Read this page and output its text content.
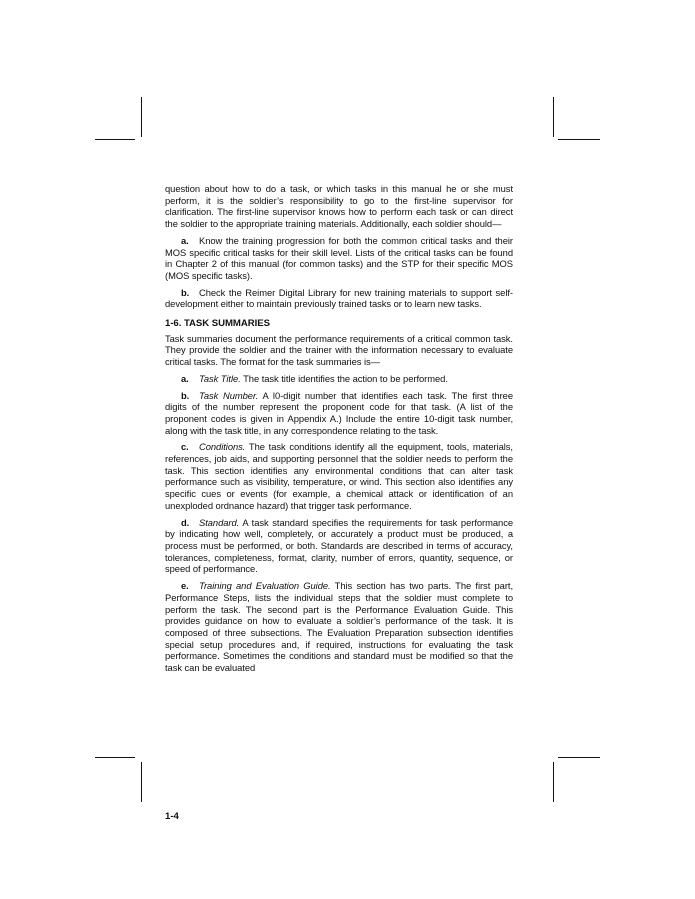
question about how to do a task, or which tasks in this manual he or she must perform, it is the soldier’s responsibility to go to the first-line supervisor for clarification. The first-line supervisor knows how to perform each task or can direct the soldier to the appropriate training materials. Additionally, each soldier should—

a. Know the training progression for both the common critical tasks and their MOS specific critical tasks for their skill level. Lists of the critical tasks can be found in Chapter 2 of this manual (for common tasks) and the STP for their specific MOS (MOS specific tasks).

b. Check the Reimer Digital Library for new training materials to support self-development either to maintain previously trained tasks or to learn new tasks.

1-6. TASK SUMMARIES

Task summaries document the performance requirements of a critical common task. They provide the soldier and the trainer with the information necessary to evaluate critical tasks. The format for the task summaries is—

a. Task Title. The task title identifies the action to be performed.

b. Task Number. A l0-digit number that identifies each task. The first three digits of the number represent the proponent code for that task. (A list of the proponent codes is given in Appendix A.) Include the entire 10-digit task number, along with the task title, in any correspondence relating to the task.

c. Conditions. The task conditions identify all the equipment, tools, materials, references, job aids, and supporting personnel that the soldier needs to perform the task. This section identifies any environmental conditions that can alter task performance such as visibility, temperature, or wind. This section also identifies any specific cues or events (for example, a chemical attack or identification of an unexploded ordnance hazard) that trigger task performance.

d. Standard. A task standard specifies the requirements for task performance by indicating how well, completely, or accurately a product must be produced, a process must be performed, or both. Standards are described in terms of accuracy, tolerances, completeness, format, clarity, number of errors, quantity, sequence, or speed of performance.

e. Training and Evaluation Guide. This section has two parts. The first part, Performance Steps, lists the individual steps that the soldier must complete to perform the task. The second part is the Performance Evaluation Guide. This provides guidance on how to evaluate a soldier’s performance of the task. It is composed of three subsections. The Evaluation Preparation subsection identifies special setup procedures and, if required, instructions for evaluating the task performance. Sometimes the conditions and standard must be modified so that the task can be evaluated

1-4
